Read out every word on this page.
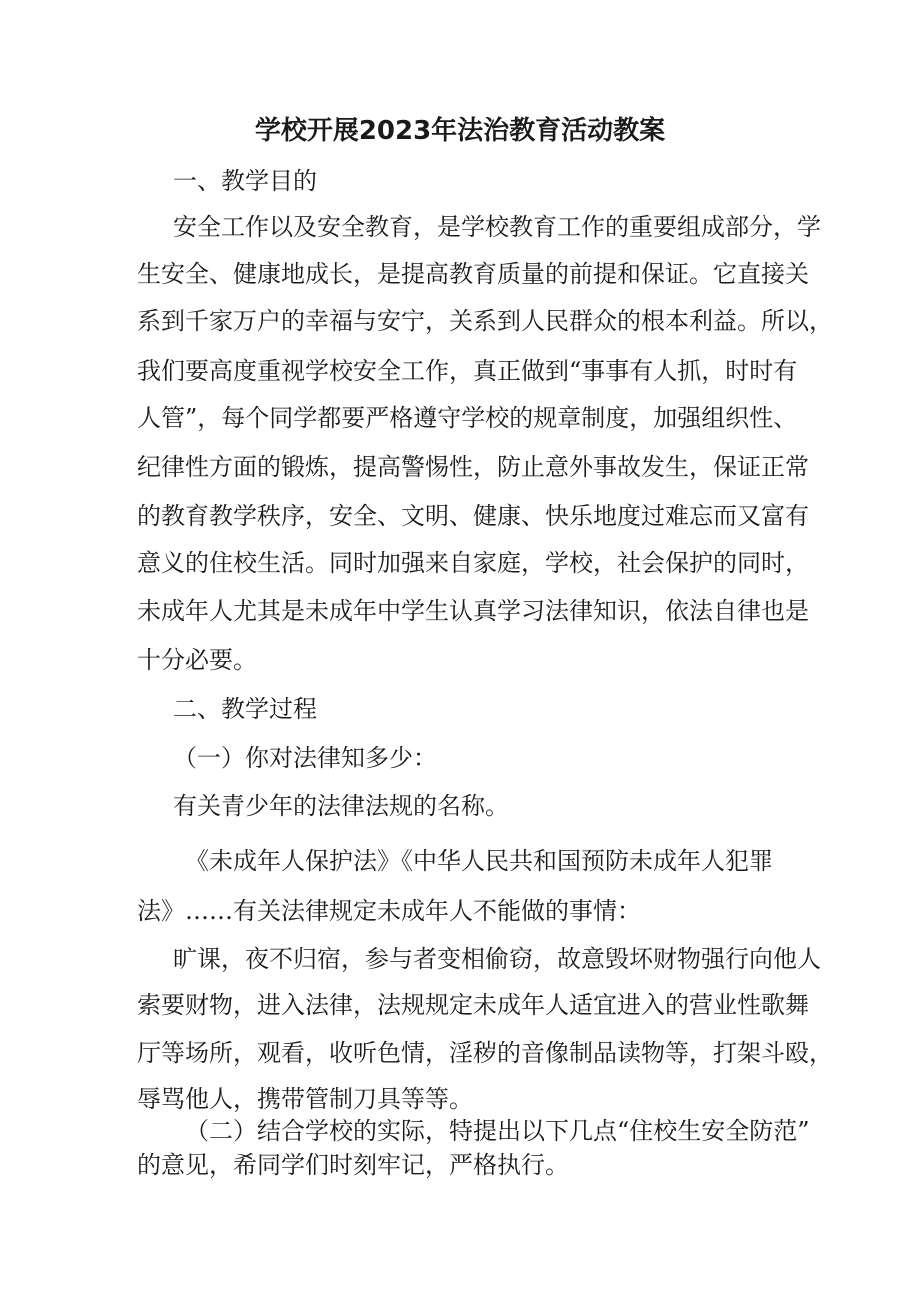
学校开展2023年法治教育活动教案

一、教学目的

安全工作以及安全教育，是学校教育工作的重要组成部分，学

生安全、健康地成长，是提高教育质量的前提和保证。它直接关

系到千家万户的幸福与安宁，关系到人民群众的根本利益。所以，

我们要高度重视学校安全工作，真正做到“事事有人抓，时时有

人管”，每个同学都要严格遵守学校的规章制度，加强组织性、

纪律性方面的锻炼，提高警惕性，防止意外事故发生，保证正常

的教育教学秩序，安全、文明、健康、快乐地度过难忘而又富有

意义的住校生活。同时加强来自家庭，学校，社会保护的同时，

未成年人尤其是未成年中学生认真学习法律知识，依法自律也是

十分必要。

二、教学过程

（一）你对法律知多少：

有关青少年的法律法规的名称。

《未成年人保护法》《中华人民共和国预防未成年人犯罪

法》……有关法律规定未成年人不能做的事情：

旷课，夜不归宿，参与者变相偷窃，故意毁坏财物强行向他人

索要财物，进入法律，法规规定未成年人适宜进入的营业性歌舞

厅等场所，观看，收听色情，淫秽的音像制品读物等，打架斗殴，

辱骂他人，携带管制刀具等等。

（二）结合学校的实际，特提出以下几点“住校生安全防范”

的意见，希同学们时刻牢记，严格执行。
